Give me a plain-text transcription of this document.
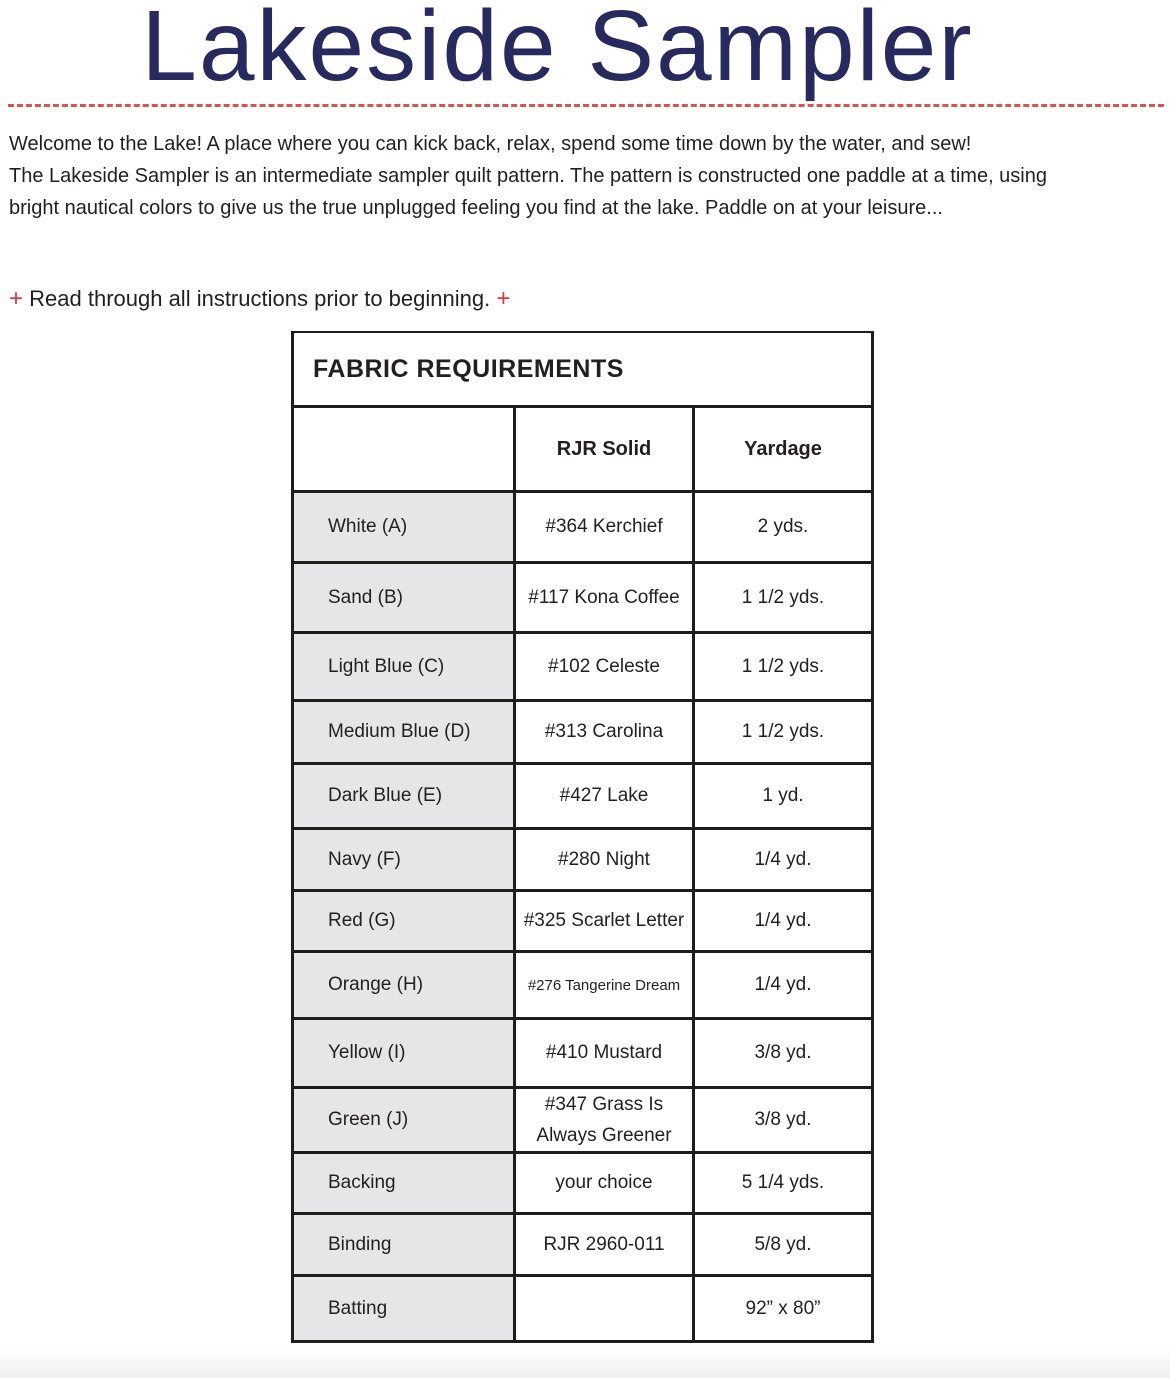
Lakeside Sampler

Welcome to the Lake! A place where you can kick back, relax, spend some time down by the water, and sew!

The Lakeside Sampler is an intermediate sampler quilt pattern. The pattern is constructed one paddle at a time, using

bright nautical colors to give us the true unplugged feeling you find at the lake. Paddle on at your leisure...

+ Read through all instructions prior to beginning. +
FABRIC REQUIREMENTS		
	RJR Solid	Yardage
White (A)	#364 Kerchief	2 yds.
Sand (B)	#117 Kona Coffee	1 1/2 yds.
Light Blue (C)	#102 Celeste	1 1/2 yds.
Medium Blue (D)	#313 Carolina	1 1/2 yds.
Dark Blue (E)	#427 Lake	1 yd.
Navy (F)	#280 Night	1/4 yd.
Red (G)	#325 Scarlet Letter	1/4 yd.
Orange (H)	#276 Tangerine Dream	1/4 yd.
Yellow (I)	#410 Mustard	3/8 yd.
Green (J)	#347 Grass Is
Always Greener	3/8 yd.
Backing	your choice	5 1/4 yds.
Binding	RJR 2960-011	5/8 yd.
Batting		92” x 80”
